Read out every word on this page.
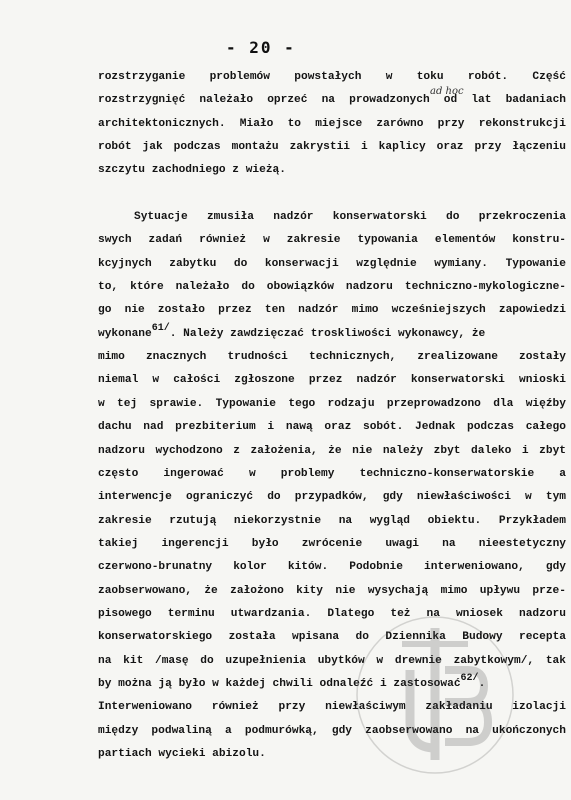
- 20 -
ad hoc
rozstrzyganie problemów powstałych w toku robót. Część
rozstrzygnięć należało oprzeć na prowadzonych od lat badaniach
architektonicznych. Miało to miejsce zarówno przy rekonstrukcji
robót jak podczas montażu zakrystii i kaplicy oraz przy łączeniu
szczytu zachodniego z wieżą.
Sytuacje zmusiła nadzór konserwatorski do przekroczenia
swych zadań również w zakresie typowania elementów konstru-
kcyjnych zabytku do konserwacji względnie wymiany. Typowanie
to, które należało do obowiązków nadzoru techniczno-mykologiczne-
go nie zostało przez ten nadzór mimo wcześniejszych zapowiedzi
wykonane$^{61/}$. Należy zawdzięczać troskliwości wykonawcy, że
mimo znacznych trudności technicznych, zrealizowane zostały
niemal w całości zgłoszone przez nadzór konserwatorski wnioski
w tej sprawie. Typowanie tego rodzaju przeprowadzono dla więźby
dachu nad prezbiterium i nawą oraz sobót. Jednak podczas całego
nadzoru wychodzono z założenia, że nie należy zbyt daleko i zbyt
często ingerować w problemy techniczno-konserwatorskie a
interwencje ograniczyć do przypadków, gdy niewłaściwości w tym
zakresie rzutują niekorzystnie na wygląd obiektu. Przykładem
takiej ingerencji było zwrócenie uwagi na nieestetyczny
czerwono-brunatny kolor kitów. Podobnie interweniowano, gdy
zaobserwowano, że założono kity nie wysychają mimo upływu prze-
pisowego terminu utwardzania. Dlatego też na wniosek nadzoru
konserwatorskiego została wpisana do Dziennika Budowy recepta
na kit /masę do uzupełnienia ubytków w drewnie zabytkowym/, tak
by można ją było w każdej chwili odnaleźć i zastosować$^{62/}$.
Interweniowano również przy niewłaściwym zakładaniu izolacji
między podwaliną a podmurówką, gdy zaobserwowano na ukończonych
partiach wycieki abizolu.
